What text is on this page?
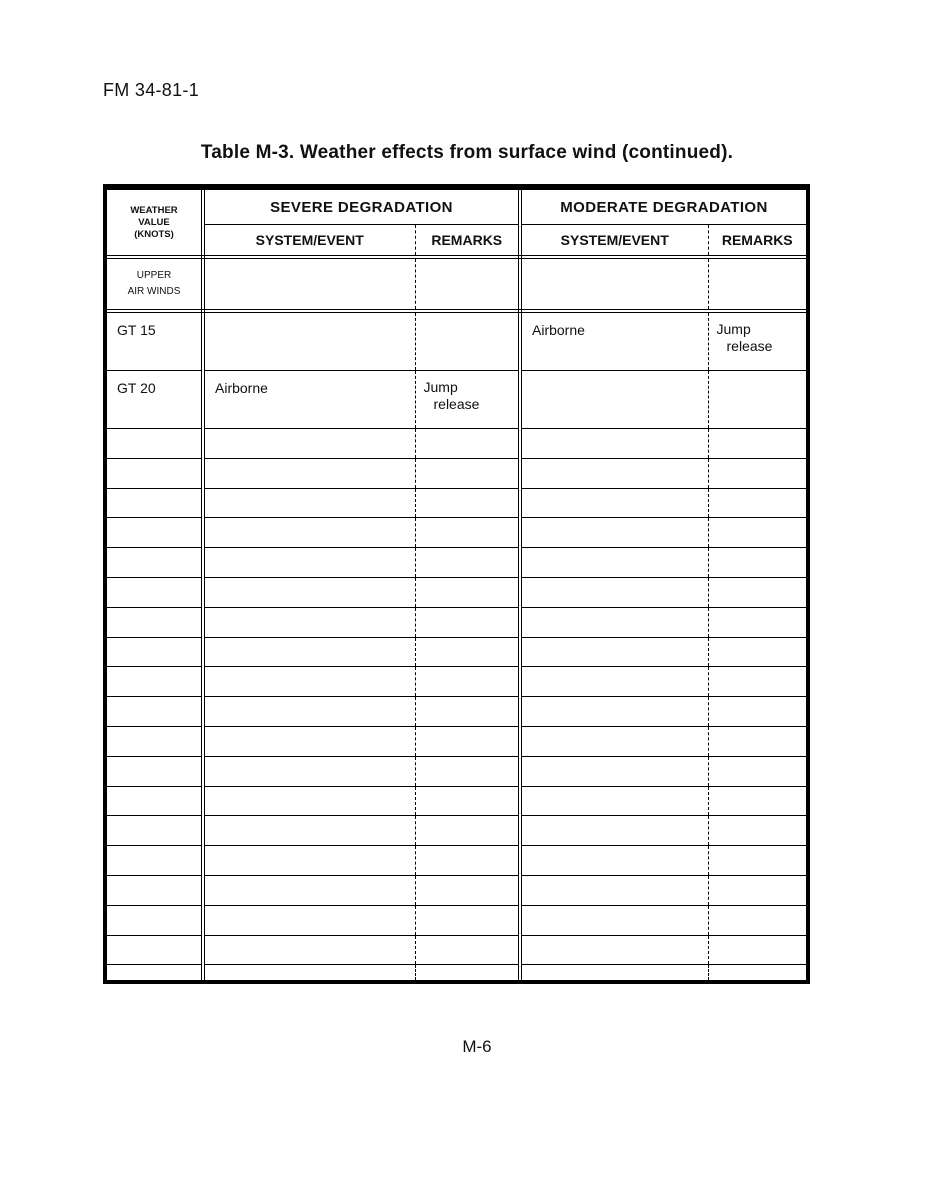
FM 34-81-1
Table M-3. Weather effects from surface wind (continued).
WEATHER
VALUE
(KNOTS)	SEVERE DEGRADATION		MODERATE DEGRADATION	
	SYSTEM/EVENT	REMARKS	SYSTEM/EVENT	REMARKS

UPPER
AIR WINDS				

GT 15			Airborne	Jump
release

GT 20	Airborne	Jump
release		

M-6
